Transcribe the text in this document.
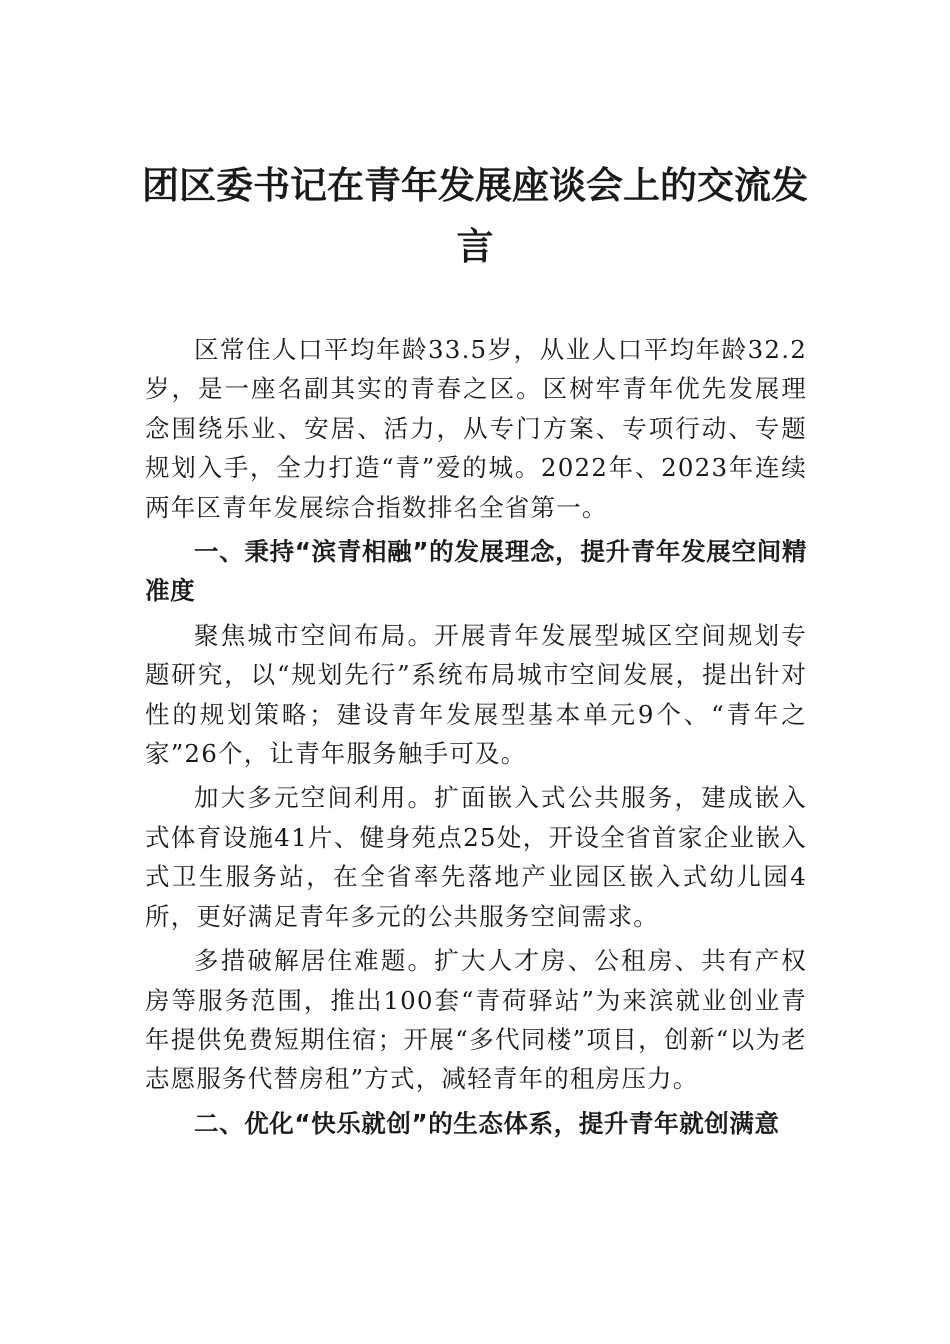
团区委书记在青年发展座谈会上的交流发言

区常住人口平均年龄33.5岁，从业人口平均年龄32.2岁，是一座名副其实的青春之区。区树牢青年优先发展理念围绕乐业、安居、活力，从专门方案、专项行动、专题规划入手，全力打造“青”爱的城。2022年、2023年连续两年区青年发展综合指数排名全省第一。

一、秉持“滨青相融”的发展理念，提升青年发展空间精准度

聚焦城市空间布局。开展青年发展型城区空间规划专题研究，以“规划先行”系统布局城市空间发展，提出针对性的规划策略；建设青年发展型基本单元9个、“青年之家”26个，让青年服务触手可及。

加大多元空间利用。扩面嵌入式公共服务，建成嵌入式体育设施41片、健身苑点25处，开设全省首家企业嵌入式卫生服务站，在全省率先落地产业园区嵌入式幼儿园4所，更好满足青年多元的公共服务空间需求。

多措破解居住难题。扩大人才房、公租房、共有产权房等服务范围，推出100套“青荷驿站”为来滨就业创业青年提供免费短期住宿；开展“多代同楼”项目，创新“以为老志愿服务代替房租”方式，减轻青年的租房压力。

二、优化“快乐就创”的生态体系，提升青年就创满意
